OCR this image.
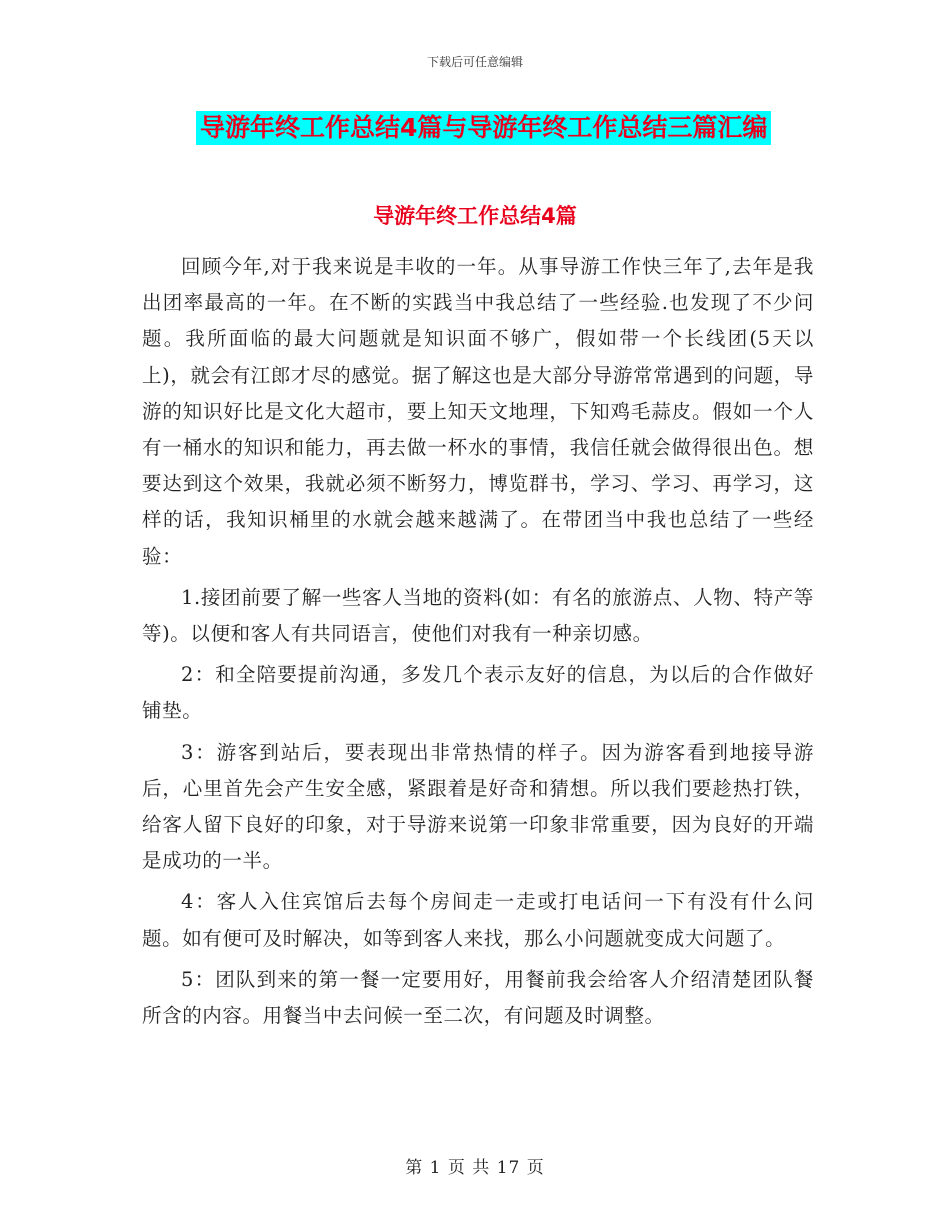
下载后可任意编辑
导游年终工作总结4篇与导游年终工作总结三篇汇编
导游年终工作总结4篇

回顾今年,对于我来说是丰收的一年。从事导游工作快三年了,去年是我出团率最高的一年。在不断的实践当中我总结了一些经验.也发现了不少问题。我所面临的最大问题就是知识面不够广，假如带一个长线团(5天以上)，就会有江郎才尽的感觉。据了解这也是大部分导游常常遇到的问题，导游的知识好比是文化大超市，要上知天文地理，下知鸡毛蒜皮。假如一个人有一桶水的知识和能力，再去做一杯水的事情，我信任就会做得很出色。想要达到这个效果，我就必须不断努力，博览群书，学习、学习、再学习，这样的话，我知识桶里的水就会越来越满了。在带团当中我也总结了一些经验：

1.接团前要了解一些客人当地的资料(如：有名的旅游点、人物、特产等等)。以便和客人有共同语言，使他们对我有一种亲切感。

2：和全陪要提前沟通，多发几个表示友好的信息，为以后的合作做好铺垫。

3：游客到站后，要表现出非常热情的样子。因为游客看到地接导游后，心里首先会产生安全感，紧跟着是好奇和猜想。所以我们要趁热打铁，给客人留下良好的印象，对于导游来说第一印象非常重要，因为良好的开端是成功的一半。

4：客人入住宾馆后去每个房间走一走或打电话问一下有没有什么问题。如有便可及时解决，如等到客人来找，那么小问题就变成大问题了。

5：团队到来的第一餐一定要用好，用餐前我会给客人介绍清楚团队餐所含的内容。用餐当中去问候一至二次，有问题及时调整。

第 1 页 共 17 页
